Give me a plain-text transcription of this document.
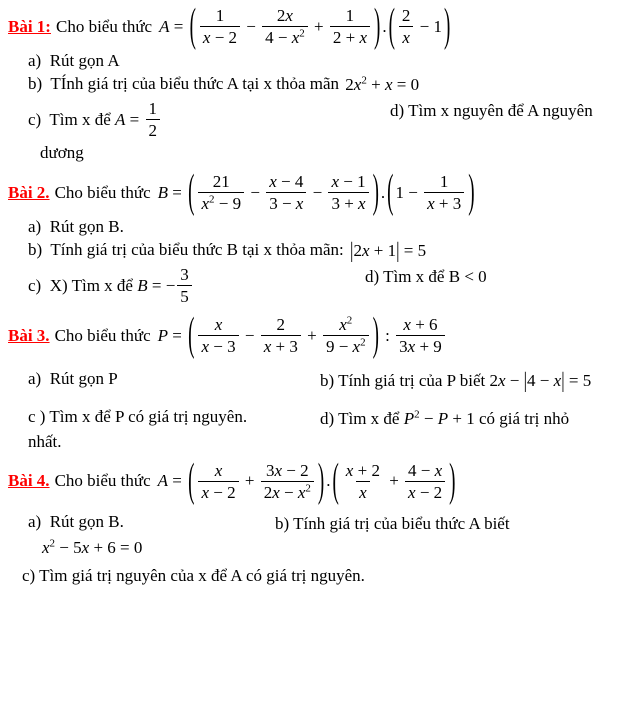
Bài 1: Cho biểu thức A = ( $\frac{1}{x - 2} - \frac{2x}{4 - x^2} + \frac{1}{2 + x}$ ) . ( $\frac{2}{x} - 1$ )
a)  Rút gọn A
b)  TÍnh giá trị của biểu thức A tại x thỏa mãn $2x^2 + x = 0$
c)  Tìm x để $A = \frac{1}{2}$	d) Tìm x nguyên để A nguyên
dương
Bài 2. Cho biểu thức B = ( $\frac{21}{x^2 - 9} - \frac{x - 4}{3 - x} - \frac{x - 1}{3 + x}$ ) . ( $1 - \frac{1}{x + 3}$ )
a)  Rút gọn B.
b)  Tính giá trị của biểu thức B tại x thỏa mãn: |2x + 1| = 5
c)  X) Tìm x để B = − $\frac{3}{5}$	d) Tìm x để B < 0
Bài 3. Cho biểu thức P = ( $\frac{x}{x - 3} - \frac{2}{x + 3} + \frac{x^2}{9 - x^2}$ ) : $\frac{x + 6}{3x + 9}$
a)  Rút gọn P	b) Tính giá trị của P biết 2x − |4 − x| = 5
c ) Tìm x để P có giá trị nguyên.	d) Tìm x để $P^2 - P + 1$ có giá trị nhỏ
nhất.
Bài 4. Cho biểu thức A = ( $\frac{x}{x - 2} + \frac{3x - 2}{2x - x^2}$ ) . ( $\frac{x + 2}{x} + \frac{4 - x}{x - 2}$ )
a)  Rút gọn B.	b) Tính giá trị của biểu thức A biết
$x^2 - 5x + 6 = 0$
c) Tìm giá trị nguyên của x để A có giá trị nguyên.
